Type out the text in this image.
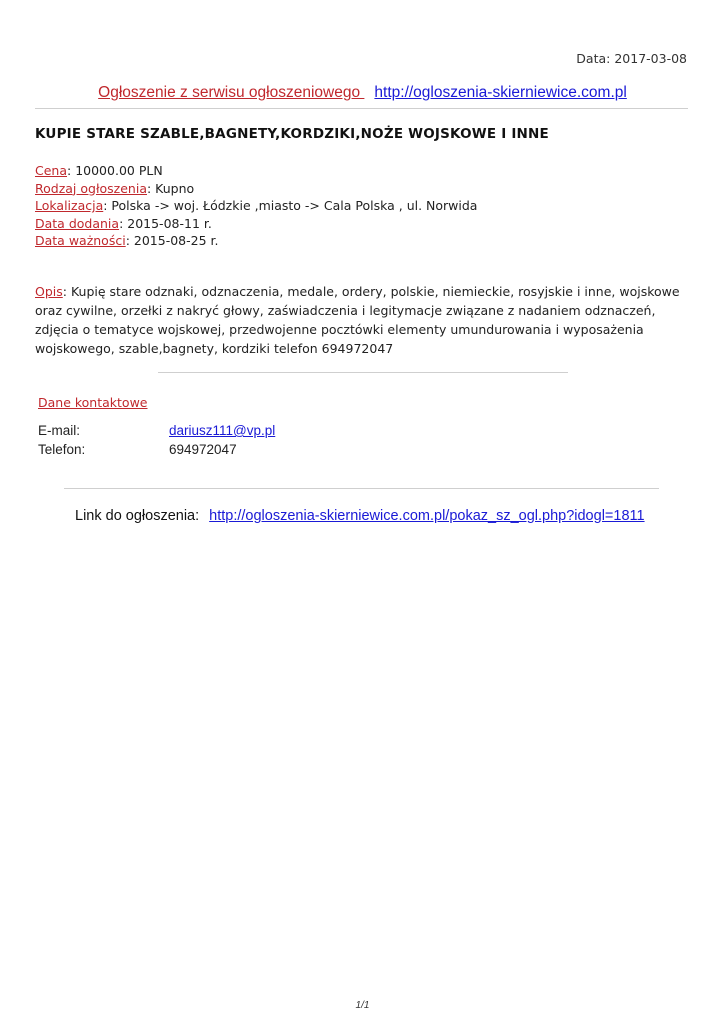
Data: 2017-03-08
Ogłoszenie z serwisu ogłoszeniowego http://ogloszenia-skierniewice.com.pl
KUPIE STARE SZABLE,BAGNETY,KORDZIKI,NOŻE WOJSKOWE I INNE
Cena: 10000.00 PLN
Rodzaj ogłoszenia: Kupno
Lokalizacja: Polska -> woj. Łódzkie ,miasto -> Cala Polska , ul. Norwida
Data dodania: 2015-08-11 r.
Data ważności: 2015-08-25 r.
Opis: Kupię stare odznaki, odznaczenia, medale, ordery, polskie, niemieckie, rosyjskie i inne, wojskowe oraz cywilne, orzełki z nakryć głowy, zaświadczenia i legitymacje związane z nadaniem odznaczeń, zdjęcia o tematyce wojskowej, przedwojenne pocztówki elementy umundurowania i wyposażenia wojskowego, szable,bagnety, kordziki telefon 694972047
Dane kontaktowe
E-mail:	dariusz111@vp.pl
Telefon:	694972047
Link do ogłoszenia: http://ogloszenia-skierniewice.com.pl/pokaz_sz_ogl.php?idogl=1811
1/1
